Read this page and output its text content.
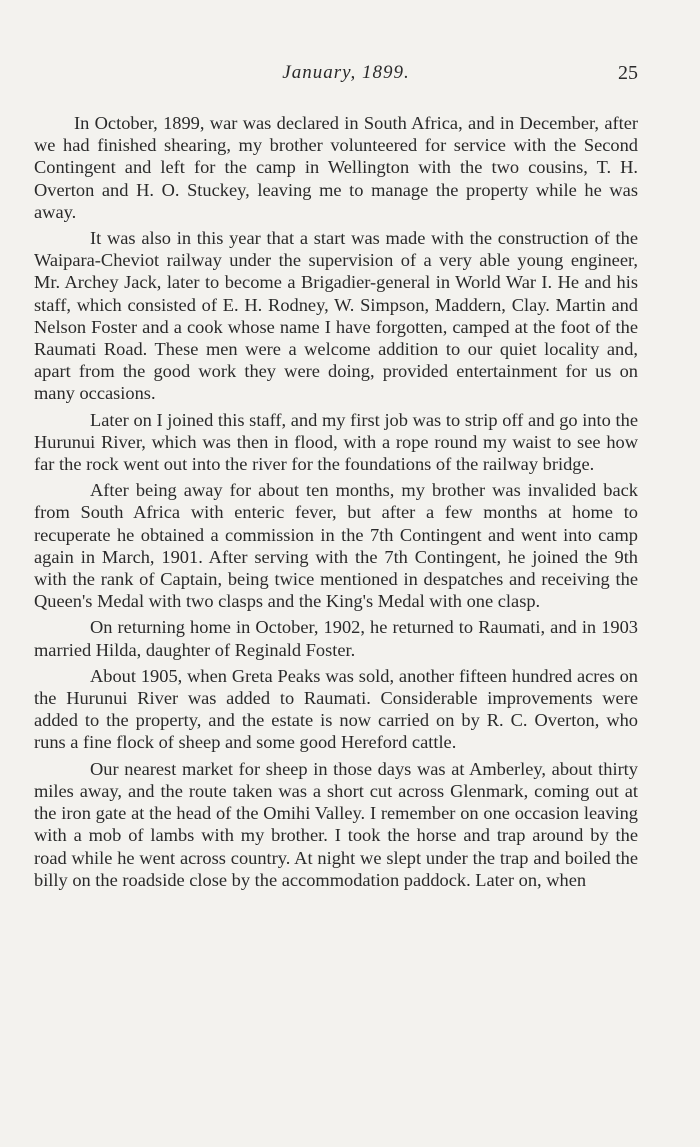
January, 1899.	25

In October, 1899, war was declared in South Africa, and in December, after we had finished shearing, my brother volunteered for service with the Second Contingent and left for the camp in Wellington with the two cousins, T. H. Overton and H. O. Stuckey, leaving me to manage the property while he was away.

It was also in this year that a start was made with the construction of the Waipara-Cheviot railway under the supervision of a very able young engineer, Mr. Archey Jack, later to become a Brigadier-general in World War I. He and his staff, which consisted of E. H. Rodney, W. Simpson, Maddern, Clay. Martin and Nelson Foster and a cook whose name I have forgotten, camped at the foot of the Raumati Road. These men were a welcome addition to our quiet locality and, apart from the good work they were doing, provided entertainment for us on many occasions.

Later on I joined this staff, and my first job was to strip off and go into the Hurunui River, which was then in flood, with a rope round my waist to see how far the rock went out into the river for the foundations of the railway bridge.

After being away for about ten months, my brother was invalided back from South Africa with enteric fever, but after a few months at home to recuperate he obtained a commission in the 7th Contingent and went into camp again in March, 1901. After serving with the 7th Contingent, he joined the 9th with the rank of Captain, being twice mentioned in despatches and receiving the Queen's Medal with two clasps and the King's Medal with one clasp.

On returning home in October, 1902, he returned to Raumati, and in 1903 married Hilda, daughter of Reginald Foster.

About 1905, when Greta Peaks was sold, another fifteen hundred acres on the Hurunui River was added to Raumati. Considerable improvements were added to the property, and the estate is now carried on by R. C. Overton, who runs a fine flock of sheep and some good Hereford cattle.

Our nearest market for sheep in those days was at Amberley, about thirty miles away, and the route taken was a short cut across Glenmark, coming out at the iron gate at the head of the Omihi Valley. I remember on one occasion leaving with a mob of lambs with my brother. I took the horse and trap around by the road while he went across country. At night we slept under the trap and boiled the billy on the roadside close by the accommodation paddock. Later on, when
